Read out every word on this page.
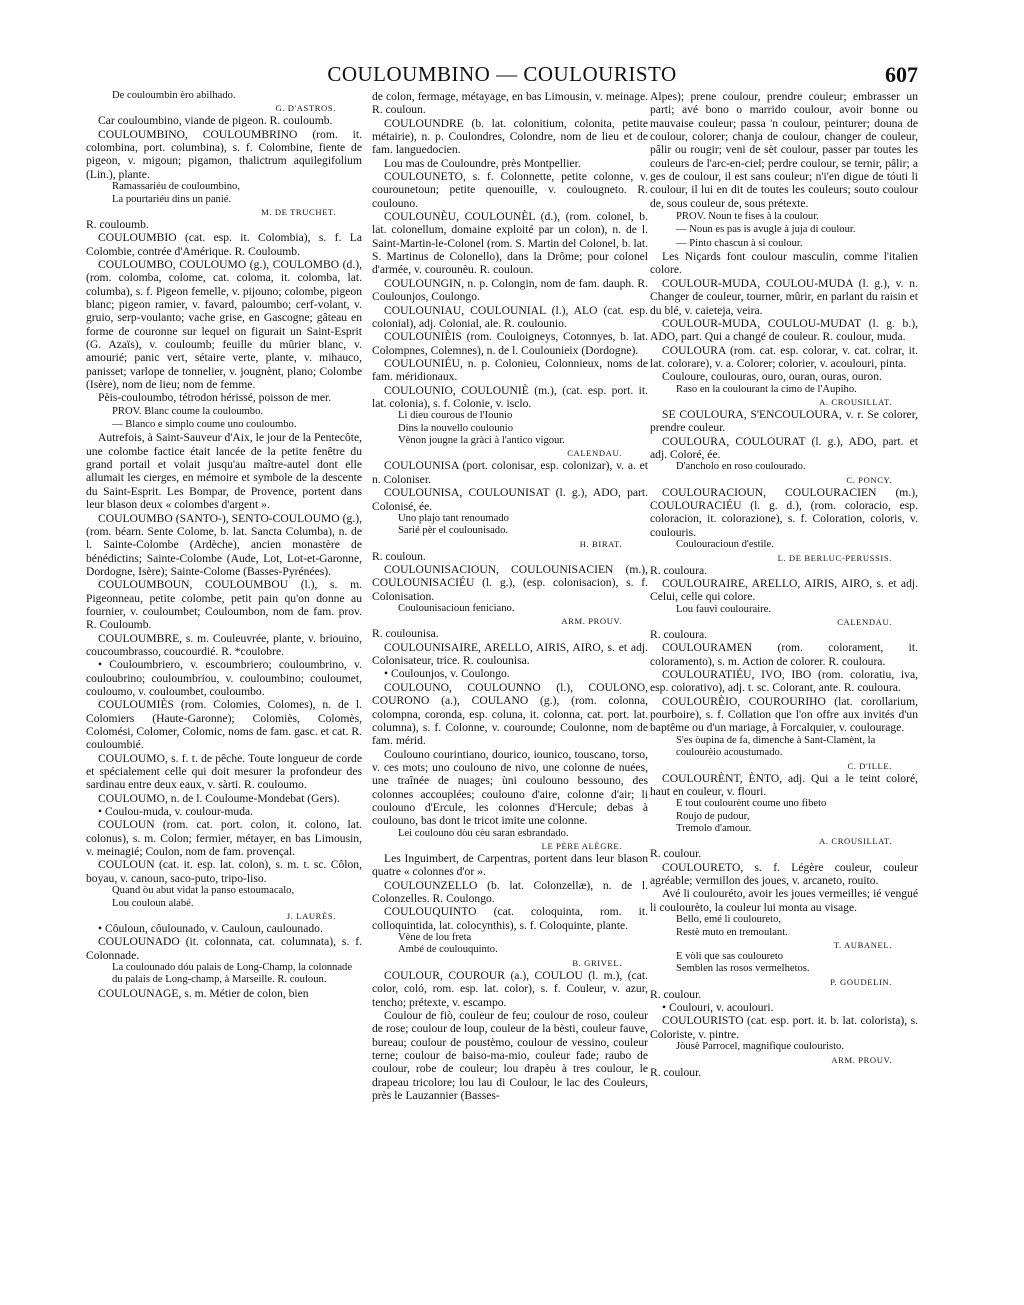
COULOUMBINO — COULOURISTO	607

De couloumbin èro abilhado.

G. D'ASTROS.

Car couloumbino, viande de pigeon. R. couloumb.

COULOUMBINO, COULOUMBRINO (rom. it. colombina, port. columbina), s. f. Colombine, fiente de pigeon, v. migoun; pigamon, thalictrum aquilegifolium (Lin.), plante.

Ramassariéu de couloumbino,

La pourtariéu dins un panié.

M. DE TRUCHET.

R. couloumb.

COULOUMBIO (cat. esp. it. Colombia), s. f. La Colombie, contrée d'Amérique. R. Couloumb.

COULOUMBO, COULOUMO (g.), COULOMBO (d.), (rom. colomba, colome, cat. coloma, it. colomba, lat. columba), s. f. Pigeon femelle, v. pijouno; colombe, pigeon blanc; pigeon ramier, v. favard, paloumbo; cerf-volant, v. gruio, serp-voulanto; vache grise, en Gascogne; gâteau en forme de couronne sur lequel on figurait un Saint-Esprit (G. Azaïs), v. couloumb; feuille du mûrier blanc, v. amourié; panic vert, sétaire verte, plante, v. mihauco, panisset; varlope de tonnelier, v. jougnènt, plano; Colombe (Isère), nom de lieu; nom de femme.

Pèis-couloumbo, tétrodon hérissé, poisson de mer.

PROV. Blanc coume la couloumbo.

— Blanco e simplo coume uno couloumbo.

Autrefois, à Saint-Sauveur d'Aix, le jour de la Pentecôte, une colombe factice était lancée de la petite fenêtre du grand portail et volait jusqu'au maître-autel dont elle allumait les cierges, en mémoire et symbole de la descente du Saint-Esprit. Les Bompar, de Provence, portent dans leur blason deux « colombes d'argent ».

COULOUMBO (SANTO-), SENTO-COULOUMO (g.), (rom. béarn. Sente Colome, b. lat. Sancta Columba), n. de l. Sainte-Colombe (Ardèche), ancien monastère de bénédictins; Sainte-Colombe (Aude, Lot, Lot-et-Garonne, Dordogne, Isère); Sainte-Colome (Basses-Pyrénées).

COULOUMBOUN, COULOUMBOU (l.), s. m. Pigeonneau, petite colombe, petit pain qu'on donne au fournier, v. couloumbet; Couloumbon, nom de fam. prov. R. Couloumb.

COULOUMBRE, s. m. Couleuvrée, plante, v. briouino, coucoumbrasso, coucourdié. R. *coulobre.

• Couloumbriero, v. escoumbriero; couloumbrino, v. couloubrino; couloumbriou, v. couloumbino; couloumet, couloumo, v. couloumbet, couloumbo.

COULOUMIÈS (rom. Colomies, Colomes), n. de l. Colomiers (Haute-Garonne); Colomiès, Colomès, Colomési, Colomer, Colomic, noms de fam. gasc. et cat. R. couloumbié.

COULOUMO, s. f. t. de pêche. Toute longueur de corde et spécialement celle qui doit mesurer la profondeur des sardinau entre deux eaux, v. sàrti. R. couloumo.

COULOUMO, n. de l. Couloume-Mondebat (Gers).

• Coulou-muda, v. coulour-muda.

COULOUN (rom. cat. port. colon, it. colono, lat. colonus), s. m. Colon; fermier, métayer, en bas Limousin, v. meinagié; Coulon, nom de fam. provençal.

COULOUN (cat. it. esp. lat. colon), s. m. t. sc. Côlon, boyau, v. canoun, saco-puto, tripo-liso.

Quand òu abut vidat la panso estoumacalo,

Lou couloun alabé.

J. LAURÈS.

• Côuloun, côulounado, v. Cauloun, caulounado.

COULOUNADO (it. colonnata, cat. columnata), s. f. Colonnade.

La coulounado dóu palais de Long-Champ, la colonnade du palais de Long-champ, à Marseille. R. couloun.

COULOUNAGE, s. m. Métier de colon, bien

de colon, fermage, métayage, en bas Limousin, v. meinage. R. couloun.

COULOUNDRE (b. lat. colonitium, colonita, petite métairie), n. p. Coulondres, Colondre, nom de lieu et de fam. languedocien.

Lou mas de Couloundre, près Montpellier.

COULOUNETO, s. f. Colonnette, petite colonne, v. courounetoun; petite quenouille, v. coulougneto. R. coulouno.

COULOUNÈU, COULOUNÈL (d.), (rom. colonel, b. lat. colonellum, domaine exploité par un colon), n. de l. Saint-Martin-le-Colonel (rom. S. Martin del Colonel, b. lat. S. Martinus de Colonello), dans la Drôme; pour colonel d'armée, v. courounèu. R. couloun.

COULOUNGIN, n. p. Colongin, nom de fam. dauph. R. Coulounjos, Coulongo.

COULOUNIAU, COULOUNIAL (l.), ALO (cat. esp. colonial), adj. Colonial, ale. R. coulounio.

COULOUNIÈIS (rom. Couloigneys, Cotonnyes, b. lat. Colompnes, Colemnes), n. de l. Coulounieix (Dordogne).

COULOUNIÉU, n. p. Colonieu, Colonnieux, noms de fam. méridionaux.

COULOUNIO, COULOUNIÈ (m.), (cat. esp. port. it. lat. colonia), s. f. Colonie, v. isclo.

Li dieu courous de l'Iounio

Dins la nouvello coulounio

Vènon jougne la gràci à l'antico vigour.

CALENDAU.

COULOUNISA (port. colonisar, esp. colonizar), v. a. et n. Coloniser.

COULOUNISA, COULOUNISAT (l. g.), ADO, part. Colonisé, ée.

Uno plajo tant renoumado

Sarié pèr el coulounisado.

H. BIRAT.

R. couloun.

COULOUNISACIOUN, COULOUNISACIEN (m.), COULOUNISACIÉU (l. g.), (esp. colonisacion), s. f. Colonisation.

Coulounisacioun feniciano.

ARM. PROUV.

R. coulounisa.

COULOUNISAIRE, ARELLO, AIRIS, AIRO, s. et adj. Colonisateur, trice. R. coulounisa.

• Coulounjos, v. Coulongo.

COULOUNO, COULOUNNO (l.), COULONO, COURONO (a.), COULANO (g.), (rom. colonna, colompna, coronda, esp. coluna, it. colonna, cat. port. lat. columna), s. f. Colonne, v. courounde; Coulonne, nom de fam. mérid.

Coulouno courintiano, dourico, iounico, touscano, torso, v. ces mots; uno coulouno de nivo, une colonne de nuées, une traînée de nuages; ùni coulouno bessouno, des colonnes accouplées; coulouno d'aire, colonne d'air; li coulouno d'Ercule, les colonnes d'Hercule; debas à coulouno, bas dont le tricot imite une colonne.

Lei coulouno dòu cèu saran esbrandado.

LE PÈRE ALÈGRE.

Les Inguimbert, de Carpentras, portent dans leur blason quatre « colonnes d'or ».

COULOUNZELLO (b. lat. Colonzellæ), n. de l. Colonzelles. R. Coulongo.

COULOUQUINTO (cat. coloquinta, rom. it. colloquintida, lat. colocynthis), s. f. Coloquinte, plante.

Vène de lou freta

Ambé de coulouquinto.

B. GRIVEL.

COULOUR, COUROUR (a.), COULOU (l. m.), (cat. color, coló, rom. esp. lat. color), s. f. Couleur, v. azur, tencho; prétexte, v. escampo.

Coulour de fiò, couleur de feu; coulour de roso, couleur de rose; coulour de loup, couleur de la bèsti, couleur fauve, bureau; coulour de poustèmo, coulour de vessino, couleur terne; coulour de baiso-ma-mio, couleur fade; raubo de coulour, robe de couleur; lou drapèu à tres coulour, le drapeau tricolore; lou lau di Coulour, le lac des Couleurs, près le Lauzannier (Basses-

Alpes); prene coulour, prendre couleur; embrasser un parti; avé bono o marrido coulour, avoir bonne ou mauvaise couleur; passa 'n coulour, peinturer; douna de coulour, colorer; chanja de coulour, changer de couleur, pâlir ou rougir; veni de sèt coulour, passer par toutes les couleurs de l'arc-en-ciel; perdre coulour, se ternir, pâlir; a ges de coulour, il est sans couleur; n'i'en digue de tóuti li coulour, il lui en dit de toutes les couleurs; souto coulour de, sous couleur de, sous prétexte.

PROV. Noun te fises à la coulour.

— Noun es pas is avugle à juja di coulour.

— Pinto chascun à si coulour.

Les Niçards font coulour masculin, comme l'italien colore.

COULOUR-MUDA, COULOU-MUDA (l. g.), v. n. Changer de couleur, tourner, mûrir, en parlant du raisin et du blé, v. caieteja, veira.

COULOUR-MUDA, COULOU-MUDAT (l. g. b.), ADO, part. Qui a changé de couleur. R. coulour, muda.

COULOURA (rom. cat. esp. colorar, v. cat. colrar, it. lat. colorare), v. a. Colorer; colorier, v. acoulouri, pinta.

Couloure, coulouras, ouro, ouran, ouras, ouron.

Raso en la coulourant la cimo de l'Aupiho.

A. CROUSILLAT.

SE COULOURA, S'ENCOULOURA, v. r. Se colorer, prendre couleur.

COULOURA, COULOURAT (l. g.), ADO, part. et adj. Coloré, ée.

D'ancholo en roso coulourado.

C. PONCY.

COULOURACIOUN, COULOURACIEN (m.), COULOURACIÉU (l. g. d.), (rom. coloracio, esp. coloracion, it. colorazione), s. f. Coloration, coloris, v. coulouris.

Coulouracioun d'estile.

L. DE BERLUC-PERUSSIS.

R. couloura.

COULOURAIRE, ARELLO, AIRIS, AIRO, s. et adj. Celui, celle qui colore.

Lou fauvi coulouraire.

CALENDAU.

R. couloura.

COULOURAMEN (rom. colorament, it. coloramento), s. m. Action de colorer. R. couloura.

COULOURATIÉU, IVO, IBO (rom. coloratiu, iva, esp. colorativo), adj. t. sc. Colorant, ante. R. couloura.

COULOURÈIO, COUROURIHO (lat. corollarium, pourboire), s. f. Collation que l'on offre aux invités d'un baptême ou d'un mariage, à Forcalquier, v. coulourage.

S'es òupina de fa, dimenche à Sant-Clamènt, la coulourèio acoustumado.

C. D'ILLE.

COULOURÈNT, ÈNTO, adj. Qui a le teint coloré, haut en couleur, v. flouri.

E tout coulourènt coume uno fibeto

Roujo de pudour,

Tremolo d'amour.

A. CROUSILLAT.

R. coulour.

COULOURETO, s. f. Légère couleur, couleur agréable; vermillon des joues, v. arcaneto, rouito.

Avé li coulouréto, avoir les joues vermeilles; ié vengué li coulourèto, la couleur lui monta au visage.

Bello, emé li couloureto,

Restè muto en tremoulant.

T. AUBANEL.

E vòli que sas couloureto

Semblen las rosos vermelhetos.

P. GOUDELIN.

R. coulour.

• Coulouri, v. acoulouri.

COULOURISTO (cat. esp. port. it. b. lat. colorista), s. Coloriste, v. pintre.

Jòusè Parrocel, magnifique coulouristo.

ARM. PROUV.

R. coulour.
